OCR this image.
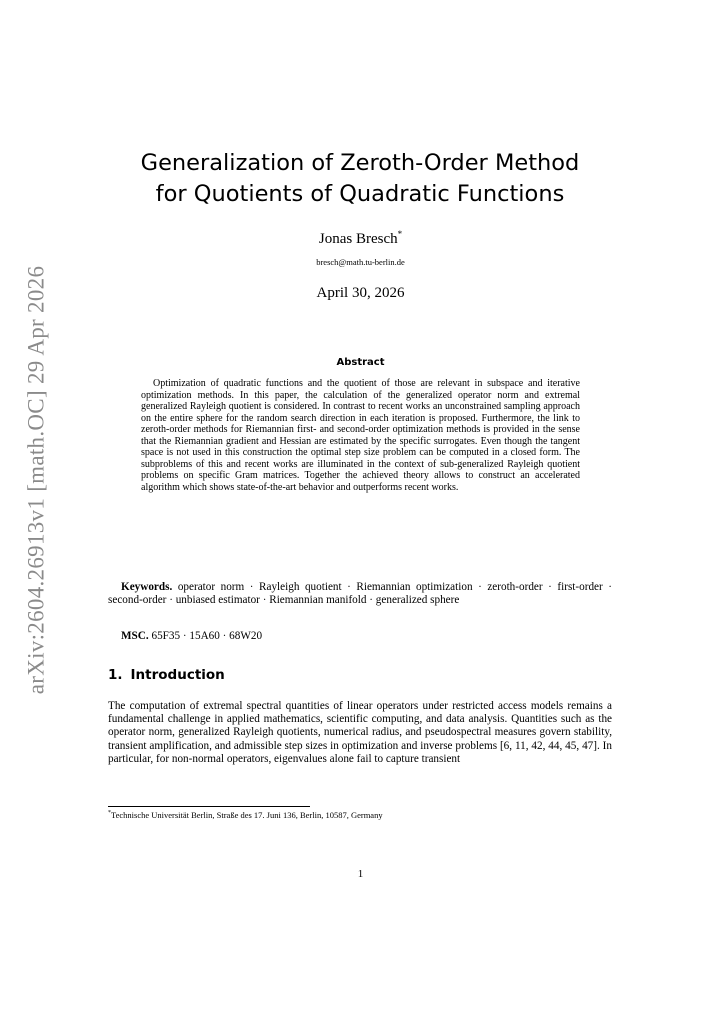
arXiv:2604.26913v1 [math.OC] 29 Apr 2026
Generalization of Zeroth-Order Method
for Quotients of Quadratic Functions
Jonas Bresch*
bresch@math.tu-berlin.de
April 30, 2026
Abstract
Optimization of quadratic functions and the quotient of those are relevant in subspace and iterative optimization methods. In this paper, the calculation of the generalized operator norm and extremal generalized Rayleigh quotient is considered. In contrast to recent works an unconstrained sampling approach on the entire sphere for the random search direction in each iteration is proposed. Furthermore, the link to zeroth-order methods for Riemannian first- and second-order optimization methods is provided in the sense that the Riemannian gradient and Hessian are estimated by the specific surrogates. Even though the tangent space is not used in this construction the optimal step size problem can be computed in a closed form. The subproblems of this and recent works are illuminated in the context of sub-generalized Rayleigh quotient problems on specific Gram matrices. Together the achieved theory allows to construct an accelerated algorithm which shows state-of-the-art behavior and outperforms recent works.
Keywords. operator norm · Rayleigh quotient · Riemannian optimization · zeroth-order · first-order · second-order · unbiased estimator · Riemannian manifold · generalized sphere
MSC. 65F35 · 15A60 · 68W20
1. Introduction
The computation of extremal spectral quantities of linear operators under restricted access models remains a fundamental challenge in applied mathematics, scientific computing, and data analysis. Quantities such as the operator norm, generalized Rayleigh quotients, numerical radius, and pseudospectral measures govern stability, transient amplification, and admissible step sizes in optimization and inverse problems [6, 11, 42, 44, 45, 47]. In particular, for non-normal operators, eigenvalues alone fail to capture transient
*Technische Universität Berlin, Straße des 17. Juni 136, Berlin, 10587, Germany
1
